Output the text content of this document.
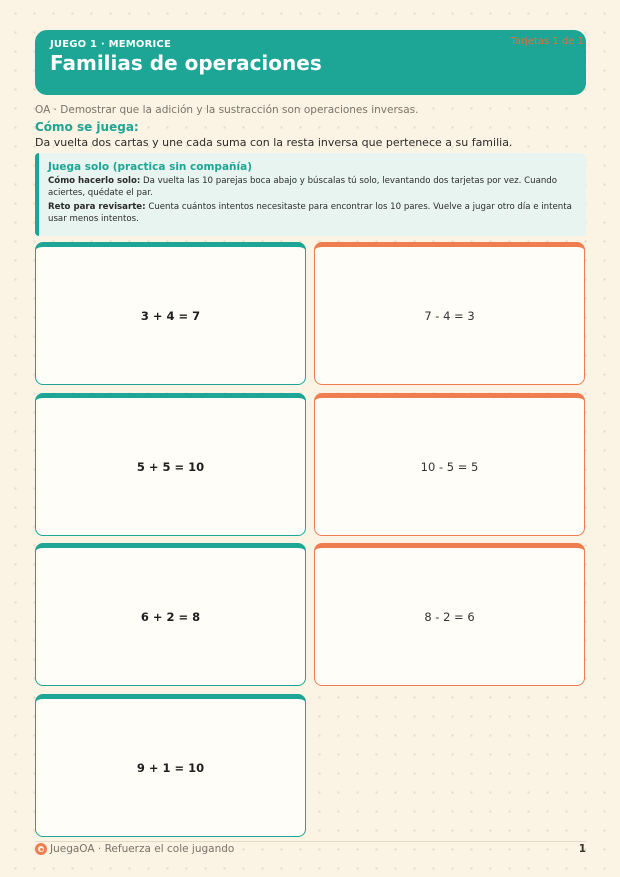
JUEGO 1 · MEMORICE
Familias de operaciones
Tarjetas 1 de 1
OA · Demostrar que la adición y la sustracción son operaciones inversas.
Cómo se juega:
Da vuelta dos cartas y une cada suma con la resta inversa que pertenece a su familia.
Juega solo (practica sin compañía)

Cómo hacerlo solo: Da vuelta las 10 parejas boca abajo y búscalas tú solo, levantando dos tarjetas por vez. Cuando aciertes, quédate el par.

Reto para revisarte: Cuenta cuántos intentos necesitaste para encontrar los 10 pares. Vuelve a jugar otro día e intenta usar menos intentos.

3 + 4 = 7	7 - 4 = 3
5 + 5 = 10	10 - 5 = 5
6 + 2 = 8	8 - 2 = 6
9 + 1 = 10
JuegaOA · Refuerza el cole jugando	1
